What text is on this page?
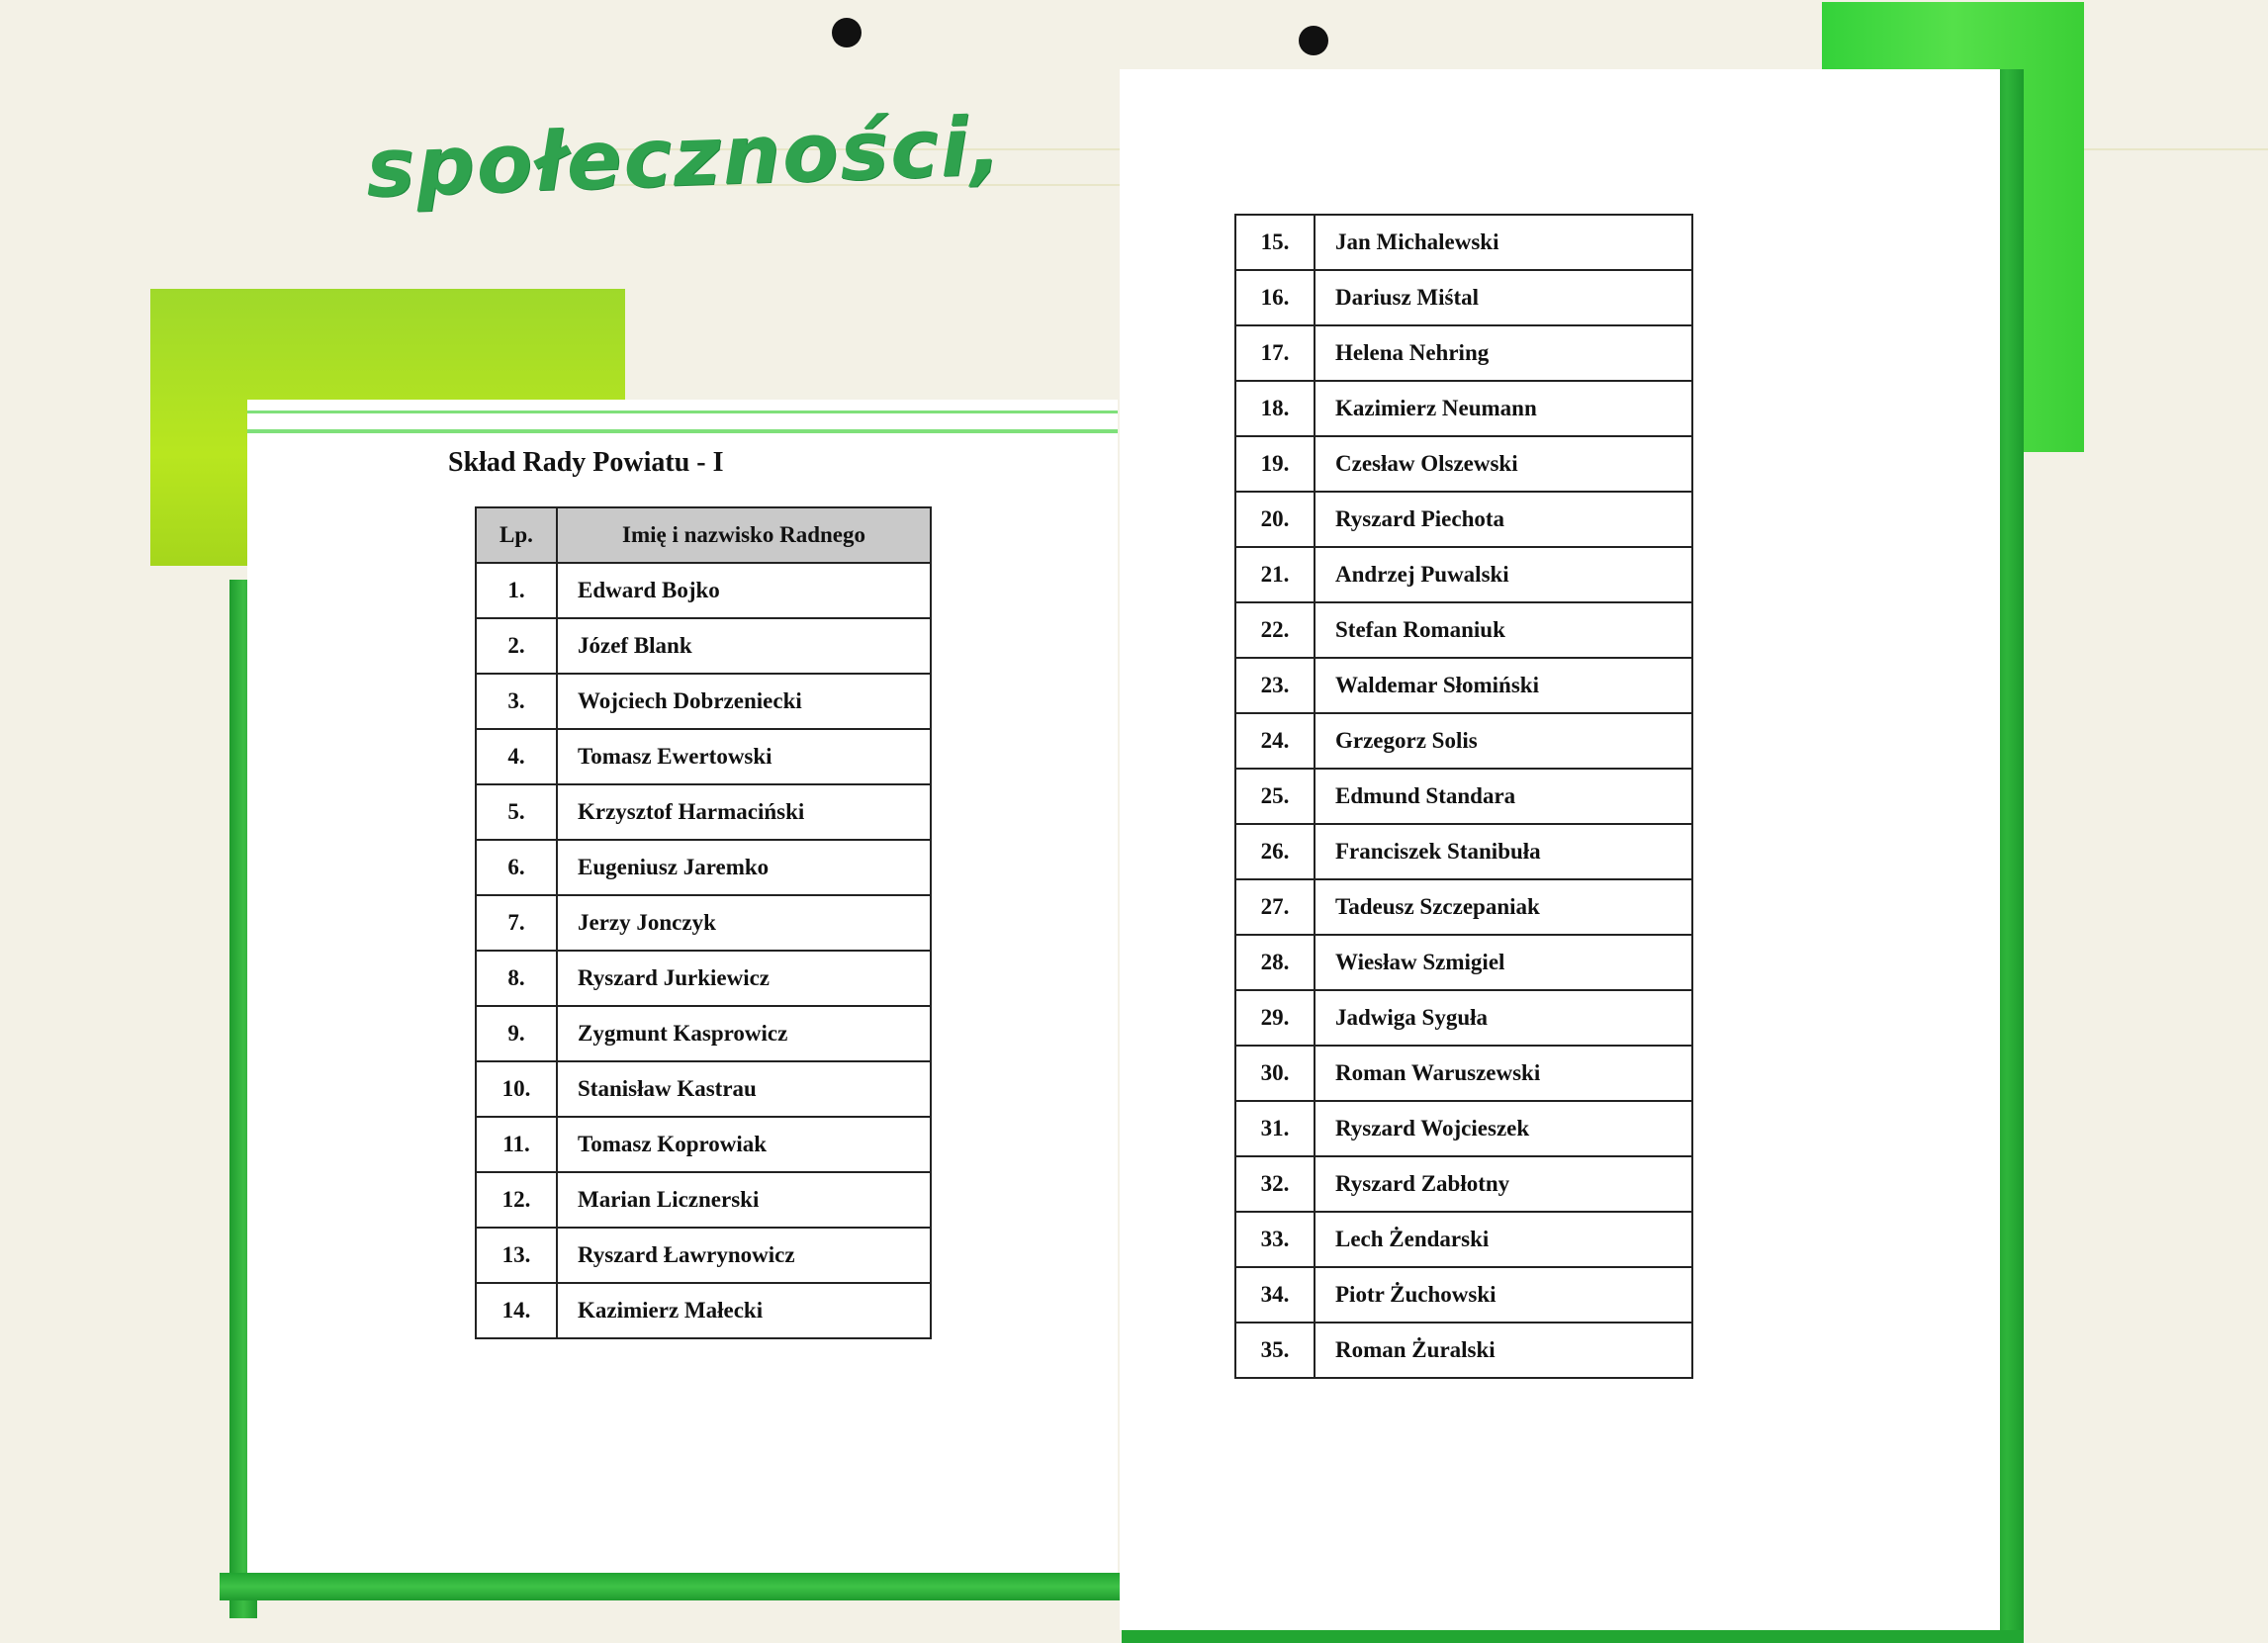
społeczności,
Skład Rady Powiatu - I
Lp.	Imię i nazwisko Radnego
1.	Edward Bojko
2.	Józef Blank
3.	Wojciech Dobrzeniecki
4.	Tomasz Ewertowski
5.	Krzysztof Harmaciński
6.	Eugeniusz Jaremko
7.	Jerzy Jonczyk
8.	Ryszard Jurkiewicz
9.	Zygmunt Kasprowicz
10.	Stanisław Kastrau
11.	Tomasz Koprowiak
12.	Marian Licznerski
13.	Ryszard Ławrynowicz
14.	Kazimierz Małecki
15.	Jan Michalewski
16.	Dariusz Miśtal
17.	Helena Nehring
18.	Kazimierz Neumann
19.	Czesław Olszewski
20.	Ryszard Piechota
21.	Andrzej Puwalski
22.	Stefan Romaniuk
23.	Waldemar Słomiński
24.	Grzegorz Solis
25.	Edmund Standara
26.	Franciszek Stanibuła
27.	Tadeusz Szczepaniak
28.	Wiesław Szmigiel
29.	Jadwiga Syguła
30.	Roman Waruszewski
31.	Ryszard Wojcieszek
32.	Ryszard Zabłotny
33.	Lech Żendarski
34.	Piotr Żuchowski
35.	Roman Żuralski
